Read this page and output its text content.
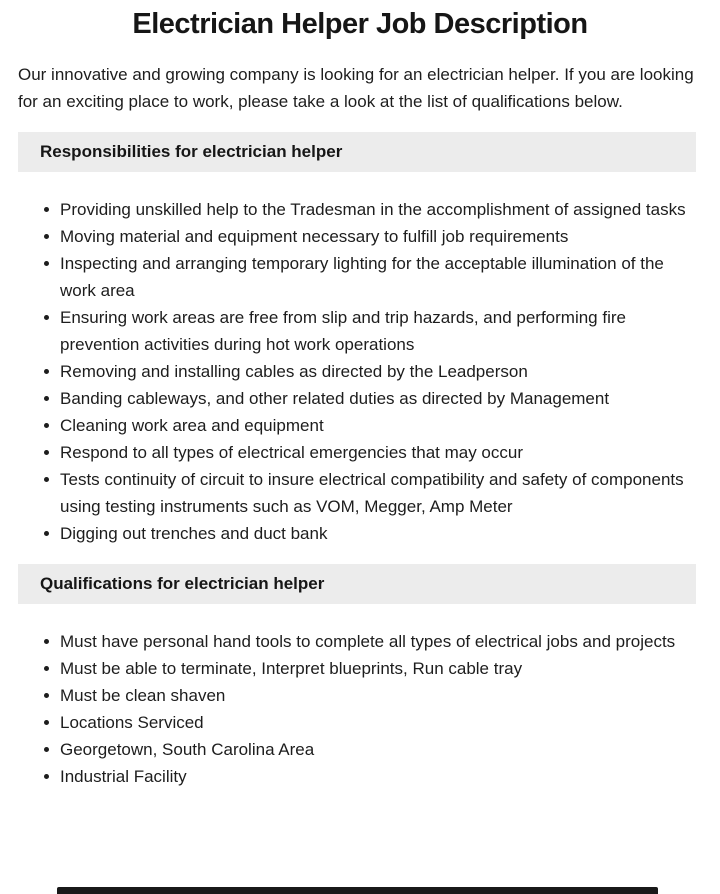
Electrician Helper Job Description

Our innovative and growing company is looking for an electrician helper. If you are looking for an exciting place to work, please take a look at the list of qualifications below.

Responsibilities for electrician helper
Providing unskilled help to the Tradesman in the accomplishment of assigned tasks
Moving material and equipment necessary to fulfill job requirements
Inspecting and arranging temporary lighting for the acceptable illumination of the work area
Ensuring work areas are free from slip and trip hazards, and performing fire prevention activities during hot work operations
Removing and installing cables as directed by the Leadperson
Banding cableways, and other related duties as directed by Management
Cleaning work area and equipment
Respond to all types of electrical emergencies that may occur
Tests continuity of circuit to insure electrical compatibility and safety of components using testing instruments such as VOM, Megger, Amp Meter
Digging out trenches and duct bank
Qualifications for electrician helper
Must have personal hand tools to complete all types of electrical jobs and projects
Must be able to terminate, Interpret blueprints, Run cable tray
Must be clean shaven
Locations Serviced
Georgetown, South Carolina Area
Industrial Facility
